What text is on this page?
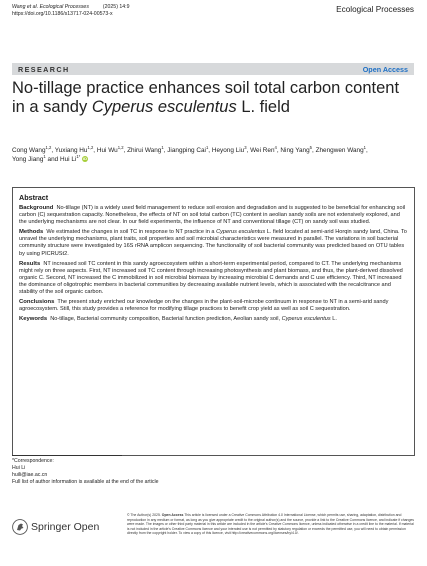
Wang et al. Ecological Processes	(2025) 14:9
https://doi.org/10.1186/s13717-024-00573-x	Ecological Processes
RESEARCH	Open Access
No-tillage practice enhances soil total carbon content in a sandy Cyperus esculentus L. field
Cong Wang$^{1,2}$, Yuxiang Hu$^{1,2}$, Hui Wu$^{1,2}$, Zhirui Wang$^1$, Jiangping Cai$^1$, Heyong Liu$^3$, Wei Ren$^4$, Ning Yang$^5$, Zhengwen Wang$^1$, Yong Jiang$^1$ and Hui $Li^{1*}$ iD
Abstract

Background No-tillage (NT) is a widely used field management to reduce soil erosion and degradation and is suggested to be beneficial for enhancing soil carbon (C) sequestration capacity. Nonetheless, the effects of NT on soil total carbon (TC) content in aeolian sandy soils are not extensively explored, and the underlying mechanisms are not clear. In our field experiments, the influence of NT and conventional tillage (CT) on sandy soil was studied.

Methods We estimated the changes in soil TC in response to NT practice in a Cyperus esculentus L. field located at semi-arid Horqin sandy land, China. To unravel the underlying mechanisms, plant traits, soil properties and soil microbial characteristics were measured in parallel. The variations in soil bacterial community structure were investigated by 16S rRNA amplicon sequencing. The functionality of soil bacterial community was predicted based on OTU tables by using PICRUSt2.

Results NT increased soil TC content in this sandy agroecosystem within a short-term experimental period, compared to CT. The underlying mechanisms might rely on three aspects. First, NT increased soil TC content through increasing photosynthesis and plant biomass, and thus, the plant-derived dissolved organic C. Second, NT increased the C immobilized in soil microbial biomass by increasing microbial C demands and C use efficiency. Third, NT increased the dominance of oligotrophic members in bacterial communities by decreasing available nutrient levels, which is associated with the recalcitrance and stability of the soil organic carbon.

Conclusions The present study enriched our knowledge on the changes in the plant-soil-microbe continuum in response to NT in a semi-arid sandy agroecosystem. Still, this study provides a reference for modifying tillage practices to benefit crop yield as well as soil C sequestration.

Keywords No-tillage, Bacterial community composition, Bacterial function prediction, Aeolian sandy soil, Cyperus esculentus L.

*Correspondence:
Hui Li
huili@iae.ac.cn
Full list of author information is available at the end of the article
Springer Open
© The Author(s) 2025. Open Access This article is licensed under a Creative Commons Attribution 4.0 International License, which permits use, sharing, adaptation, distribution and reproduction in any medium or format, as long as you give appropriate credit to the original author(s) and the source, provide a link to the Creative Commons licence, and indicate if changes were made. The images or other third party material in this article are included in the article's Creative Commons licence, unless indicated otherwise in a credit line to the material. If material is not included in the article's Creative Commons licence and your intended use is not permitted by statutory regulation or exceeds the permitted use, you will need to obtain permission directly from the copyright holder. To view a copy of this licence, visit http://creativecommons.org/licenses/by/4.0/.
